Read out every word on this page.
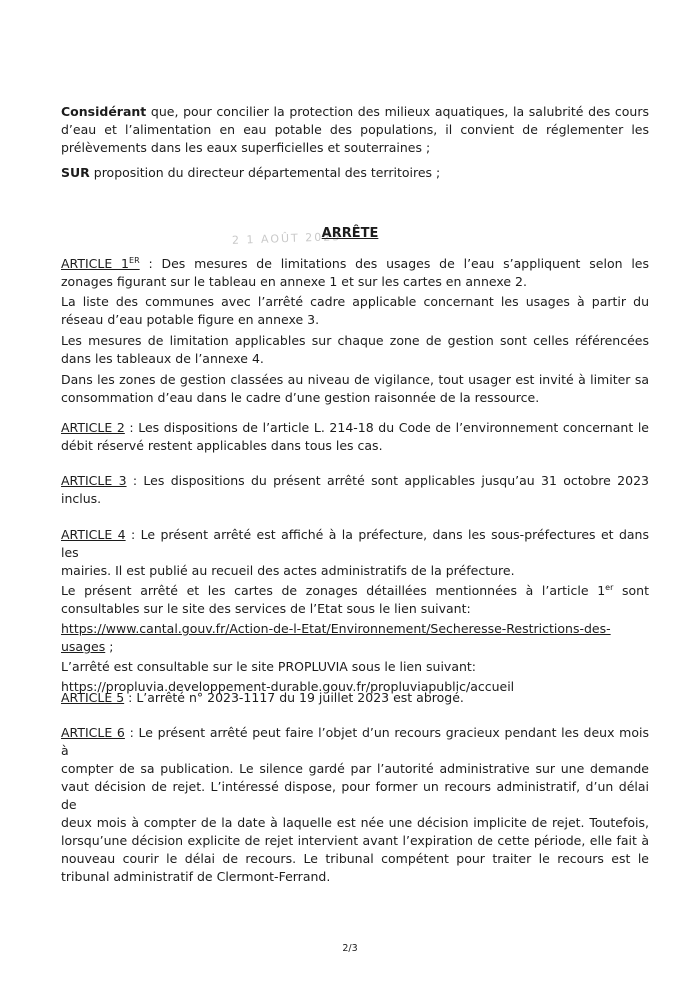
Considérant que, pour concilier la protection des milieux aquatiques, la salubrité des cours
d’eau et l’alimentation en eau potable des populations, il convient de réglementer les
prélèvements dans les eaux superficielles et souterraines ;
SUR proposition du directeur départemental des territoires ;
2 1 AOÛT 2023
ARRÊTE
ARTICLE 1ER : Des mesures de limitations des usages de l’eau s’appliquent selon les
zonages figurant sur le tableau en annexe 1 et sur les cartes en annexe 2.
La liste des communes avec l’arrêté cadre applicable concernant les usages à partir du
réseau d’eau potable figure en annexe 3.
Les mesures de limitation applicables sur chaque zone de gestion sont celles référencées
dans les tableaux de l’annexe 4.
Dans les zones de gestion classées au niveau de vigilance, tout usager est invité à limiter sa
consommation d’eau dans le cadre d’une gestion raisonnée de la ressource.
ARTICLE 2 : Les dispositions de l’article L. 214-18 du Code de l’environnement concernant le
débit réservé restent applicables dans tous les cas.
ARTICLE 3 : Les dispositions du présent arrêté sont applicables jusqu’au 31 octobre 2023
inclus.
ARTICLE 4 : Le présent arrêté est affiché à la préfecture, dans les sous-préfectures et dans les
mairies. Il est publié au recueil des actes administratifs de la préfecture.
Le présent arrêté et les cartes de zonages détaillées mentionnées à l’article 1er sont
consultables sur le site des services de l’Etat sous le lien suivant:
https://www.cantal.gouv.fr/Action-de-l-Etat/Environnement/Secheresse-Restrictions-des-
usages ;
L’arrêté est consultable sur le site PROPLUVIA sous le lien suivant:
https://propluvia.developpement-durable.gouv.fr/propluviapublic/accueil
ARTICLE 5 : L’arrêté n° 2023-1117 du 19 juillet 2023 est abrogé.
ARTICLE 6 : Le présent arrêté peut faire l’objet d’un recours gracieux pendant les deux mois à
compter de sa publication. Le silence gardé par l’autorité administrative sur une demande
vaut décision de rejet. L’intéressé dispose, pour former un recours administratif, d’un délai de
deux mois à compter de la date à laquelle est née une décision implicite de rejet. Toutefois,
lorsqu’une décision explicite de rejet intervient avant l’expiration de cette période, elle fait à
nouveau courir le délai de recours. Le tribunal compétent pour traiter le recours est le
tribunal administratif de Clermont-Ferrand.
2/3
